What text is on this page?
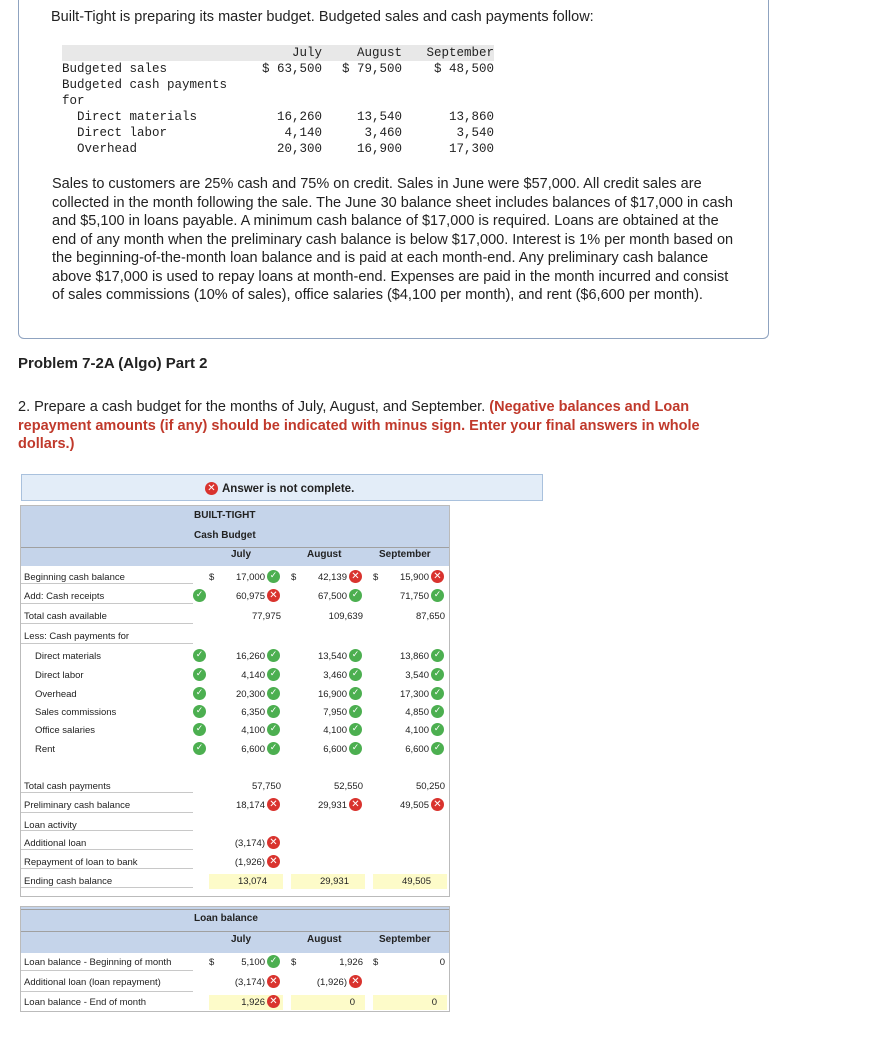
Built-Tight is preparing its master budget. Budgeted sales and cash payments follow:
	July	August	September
Budgeted sales	$ 63,500	$ 79,500	$ 48,500
Budgeted cash payments			
for			
Direct materials	16,260	13,540	13,860
Direct labor	4,140	3,460	3,540
Overhead	20,300	16,900	17,300
Sales to customers are 25% cash and 75% on credit. Sales in June were $57,000. All credit sales are collected in the month following the sale. The June 30 balance sheet includes balances of $17,000 in cash and $5,100 in loans payable. A minimum cash balance of $17,000 is required. Loans are obtained at the end of any month when the preliminary cash balance is below $17,000. Interest is 1% per month based on the beginning-of-the-month loan balance and is paid at each month-end. Any preliminary cash balance above $17,000 is used to repay loans at month-end. Expenses are paid in the month incurred and consist of sales commissions (10% of sales), office salaries ($4,100 per month), and rent ($6,600 per month).
Problem 7-2A (Algo) Part 2
2. Prepare a cash budget for the months of July, August, and September. (Negative balances and Loan repayment amounts (if any) should be indicated with minus sign. Enter your final answers in whole dollars.)
✕ Answer is not complete.
BUILT-TIGHT
Cash Budget
July	August	September
Beginning cash balance	$	17,000 ✓ $	42,139 ✕ $	15,900 ✕
Add: Cash receipts	✓	60,975 ✕	67,500 ✓	71,750 ✓
Total cash available	77,975	109,639	87,650
Less: Cash payments for
Direct materials	✓	16,260 ✓	13,540 ✓	13,860 ✓
Direct labor	✓	4,140 ✓	3,460 ✓	3,540 ✓
Overhead	✓	20,300 ✓	16,900 ✓	17,300 ✓
Sales commissions	✓	6,350 ✓	7,950 ✓	4,850 ✓
Office salaries	✓	4,100 ✓	4,100 ✓	4,100 ✓
Rent	✓	6,600 ✓	6,600 ✓	6,600 ✓
Total cash payments	57,750	52,550	50,250
Preliminary cash balance	18,174 ✕	29,931 ✕	49,505 ✕
Loan activity
Additional loan	(3,174) ✕
Repayment of loan to bank	(1,926) ✕
Ending cash balance	13,074	29,931	49,505
Loan balance
July	August	September
Loan balance - Beginning of month	$	5,100 ✓ $	1,926 $	0
Additional loan (loan repayment)	(3,174) ✕	(1,926) ✕
Loan balance - End of month	1,926 ✕	0	0
